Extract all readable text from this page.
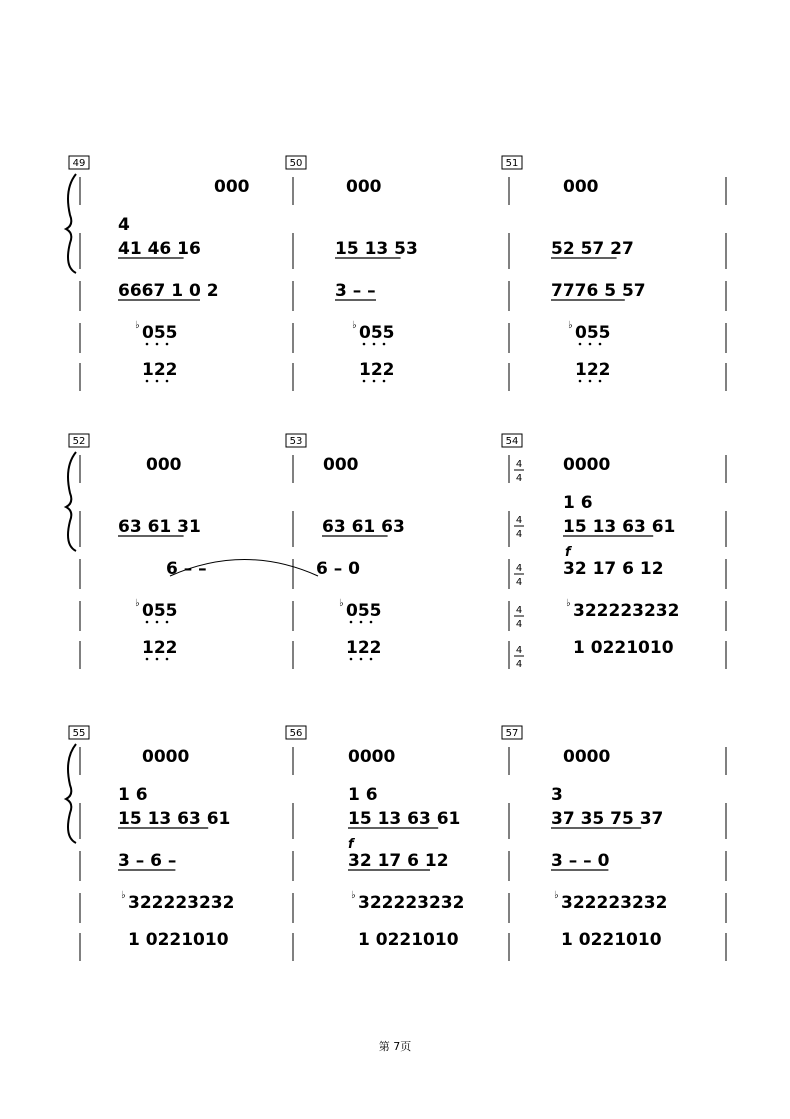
49
000
4
41 46 16
6667 1 0 2
055
♭
122
50
000
15 13 53
3 – –
055
♭
122
51
000
52 57 27
7776 5 57
055
♭
122
52
000
63 61 31
6 – –
055
♭
122
53
000
63 61 63
6 – 0
055
♭
122
54
0000
1 6
15 13 63 61
32 17 6 12
322223232
♭
1 0221010
4
4
4
4
4
4
4
4
4
4
f
55
0000
1 6
15 13 63 61
3 – 6 –
322223232
♭
1 0221010
56
0000
1 6
15 13 63 61
32 17 6 12
322223232
♭
1 0221010
f
57
0000
3
37 35 75 37
3 – – 0
322223232
♭
1 0221010
第 7页
